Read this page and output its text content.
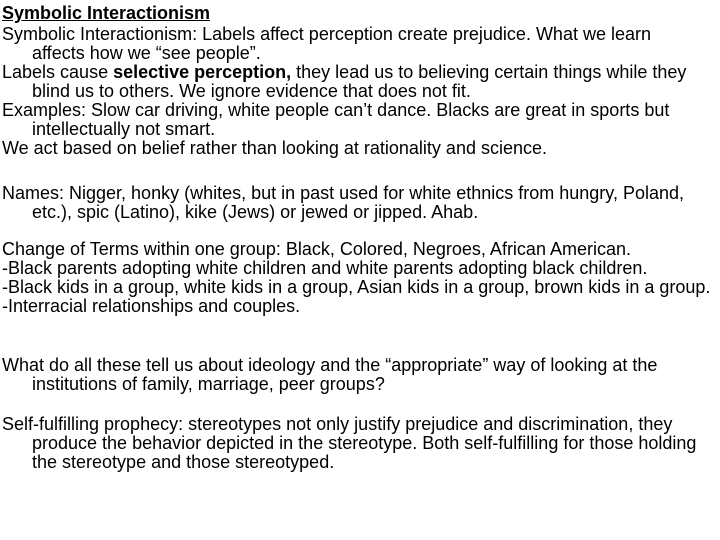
Symbolic Interactionism
Symbolic Interactionism: Labels affect perception create prejudice. What we learn
affects how we “see people”.
Labels cause selective perception, they lead us to believing certain things while they
blind us to others. We ignore evidence that does not fit.
Examples: Slow car driving, white people can’t dance. Blacks are great in sports but
intellectually not smart.
We act based on belief rather than looking at rationality and science.
Names: Nigger, honky (whites, but in past used for white ethnics from hungry, Poland,
etc.), spic (Latino), kike (Jews) or jewed or jipped. Ahab.
Change of Terms within one group: Black, Colored, Negroes, African American.
-Black parents adopting white children and white parents adopting black children.
-Black kids in a group, white kids in a group, Asian kids in a group, brown kids in a group.
-Interracial relationships and couples.
What do all these tell us about ideology and the “appropriate” way of looking at the
institutions of family, marriage, peer groups?
Self-fulfilling prophecy: stereotypes not only justify prejudice and discrimination, they
produce the behavior depicted in the stereotype. Both self-fulfilling for those holding
the stereotype and those stereotyped.
